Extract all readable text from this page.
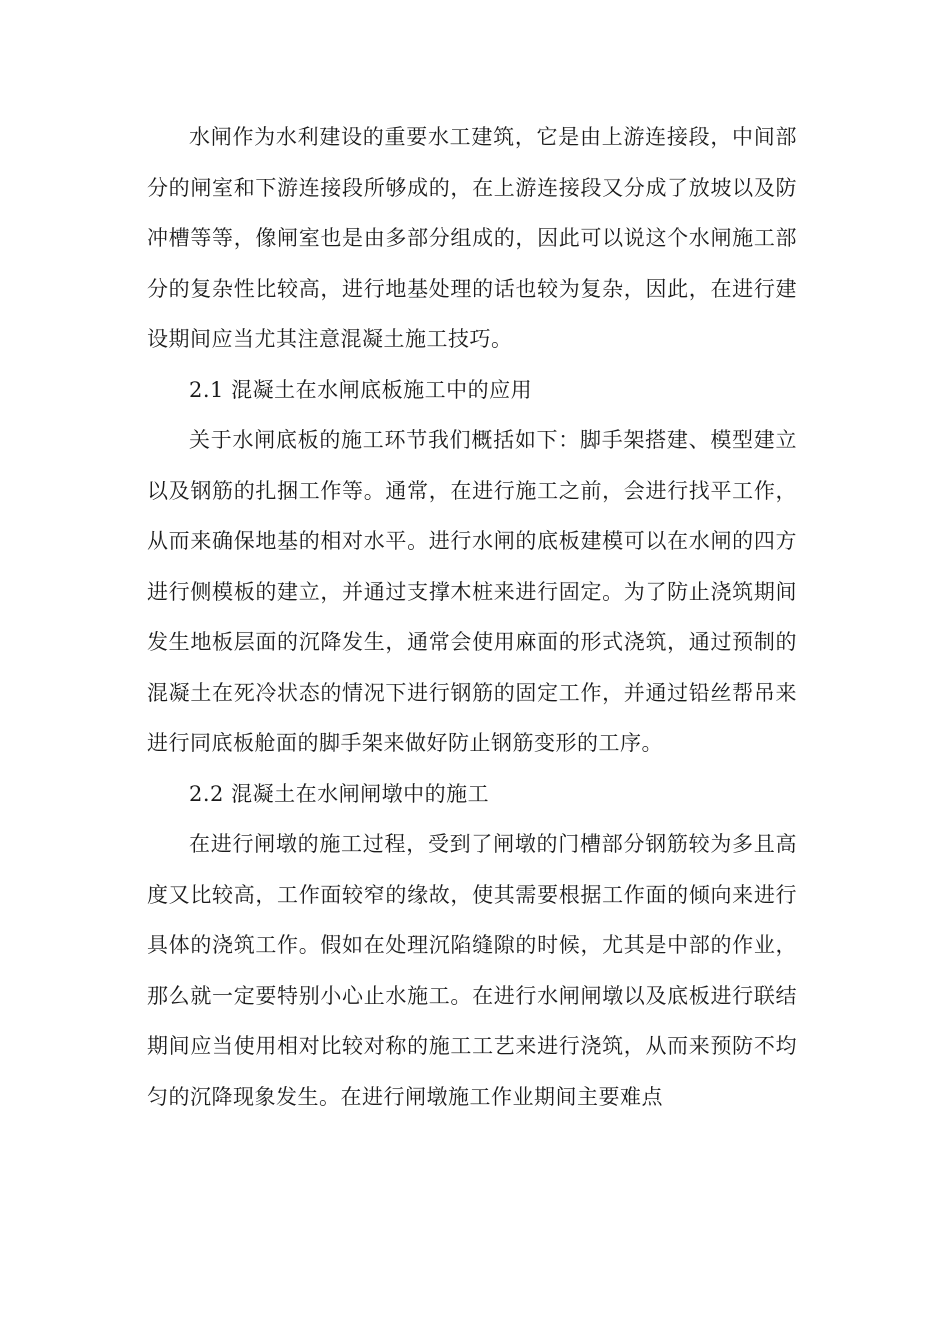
水闸作为水利建设的重要水工建筑，它是由上游连接段，中间部分的闸室和下游连接段所够成的，在上游连接段又分成了放坡以及防冲槽等等，像闸室也是由多部分组成的，因此可以说这个水闸施工部分的复杂性比较高，进行地基处理的话也较为复杂，因此，在进行建设期间应当尤其注意混凝土施工技巧。

2.1 混凝土在水闸底板施工中的应用

关于水闸底板的施工环节我们概括如下：脚手架搭建、模型建立以及钢筋的扎捆工作等。通常，在进行施工之前，会进行找平工作，从而来确保地基的相对水平。进行水闸的底板建模可以在水闸的四方进行侧模板的建立，并通过支撑木桩来进行固定。为了防止浇筑期间发生地板层面的沉降发生，通常会使用麻面的形式浇筑，通过预制的混凝土在死冷状态的情况下进行钢筋的固定工作，并通过铅丝帮吊来进行同底板舱面的脚手架来做好防止钢筋变形的工序。

2.2 混凝土在水闸闸墩中的施工

在进行闸墩的施工过程，受到了闸墩的门槽部分钢筋较为多且高度又比较高，工作面较窄的缘故，使其需要根据工作面的倾向来进行具体的浇筑工作。假如在处理沉陷缝隙的时候，尤其是中部的作业，那么就一定要特别小心止水施工。在进行水闸闸墩以及底板进行联结期间应当使用相对比较对称的施工工艺来进行浇筑，从而来预防不均匀的沉降现象发生。在进行闸墩施工作业期间主要难点
